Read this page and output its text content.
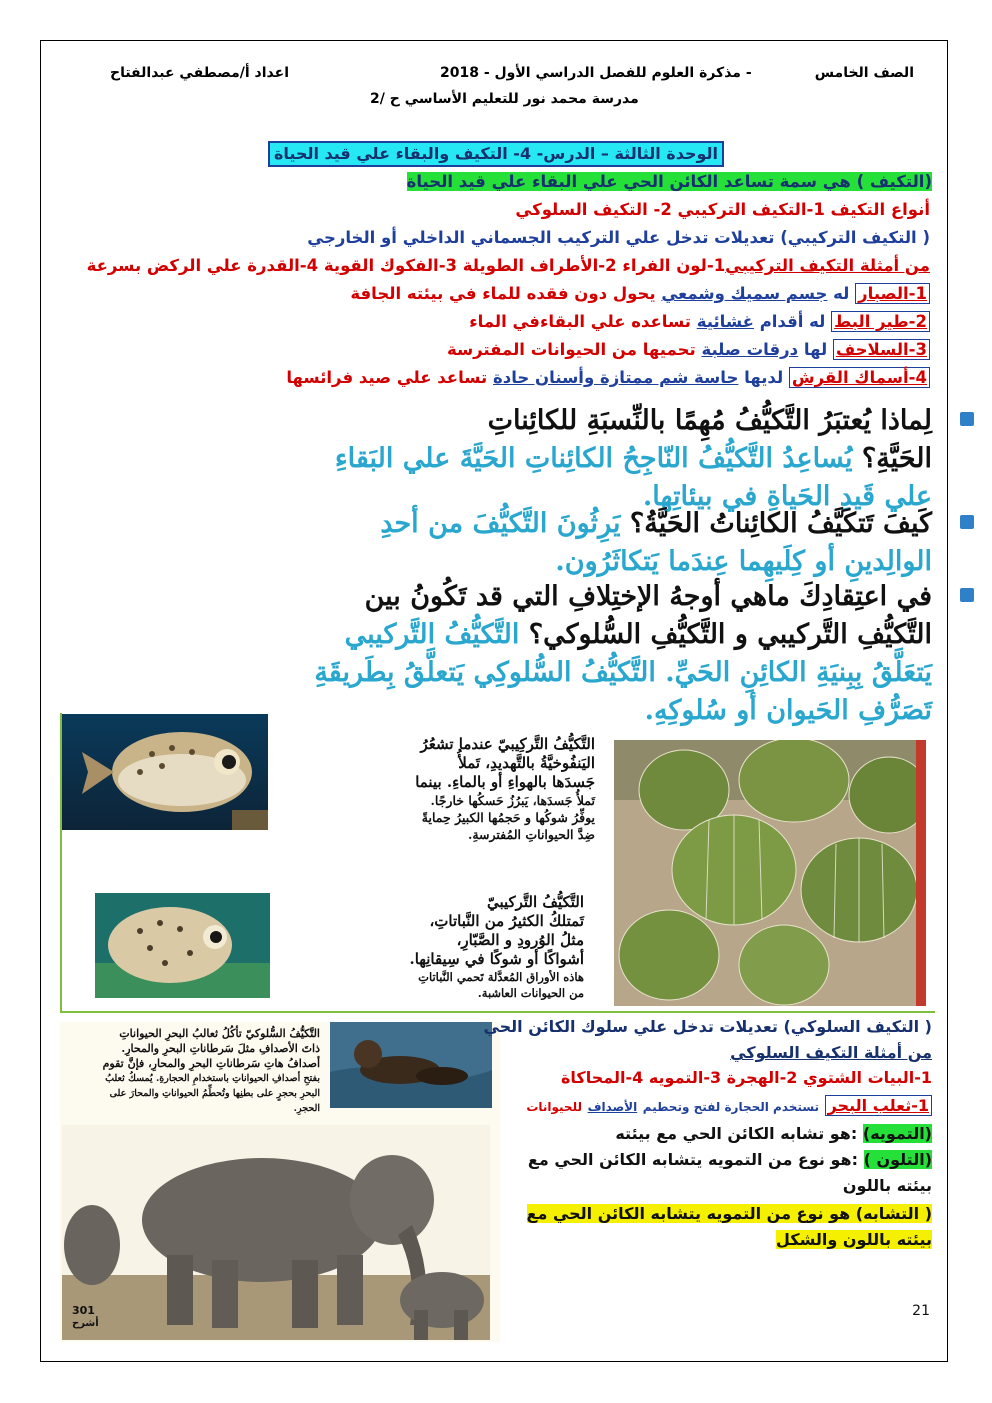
الصف الخامس
- مذكرة العلوم للفصل الدراسي الأول - 2018
اعداد أ/مصطفي عبدالفتاح
مدرسة محمد نور للتعليم الأساسي ح /2
الوحدة الثالثة – الدرس- 4- التكيف والبقاء علي قيد الحياة
(التكيف ) هي سمة تساعد الكائن الحي علي البقاء علي قيد الحياة
أنواع التكيف 1-التكيف التركيبي 2- التكيف السلوكي
( التكيف التركيبي) تعديلات تدخل علي التركيب الجسماني الداخلي أو الخارجي
من أمثلة التكيف التركيبي1-لون الفراء 2-الأطراف الطويلة 3-الفكوك القوية 4-القدرة علي الركض بسرعة
1-الصبار له جسم سميك وشمعي يحول دون فقده للماء في بيئته الجافة
2-طير البط له أقدام غشائية تساعده علي البقاءفي الماء
3-السلاحف لها درقات صلبة تحميها من الحيوانات المفترسة
4-أسماك القرش لديها حاسة شم ممتازة وأسنان حادة تساعد علي صيد فرائسها
لِماذا يُعتبَرُ التَّكيُّفُ مُهِمًا بالنِّسبَةِ للكائِناتِ
الحَيَّةِ؟ يُساعِدُ التَّكيُّفُ النّاجِحُ الكائِناتِ الحَيَّةَ علي البَقاءِ
علي قَيدِ الحَياةِ في بيئاتِها.
كَيفَ تَتكَيَّفُ الكائِناتُ الحَيَّةُ؟ يَرِثُونَ التَّكيُّفَ من أحدِ
الوالِدينِ أو كِلَيهِما عِندَما يَتكاثَرُون.
في اعتِقادِكَ ماهي أوجهُ الإختِلافِ التي قد تَكُونُ بين
التَّكيُّفِ التَّركيبي و التَّكيُّفِ السُّلوكي؟ التَّكيُّفُ التَّركيبي
يَتعَلَّقُ بِبِنيَةِ الكائِنِ الحَيِّ. التَّكيُّفُ السُّلوكِي يَتعلَّقُ بِطَريقَةِ
تَصَرُّفِ الحَيوان أو سُلوكِهِ.
التَّكيُّفُ التَّركِيبيّ عندما تشعُرُ
اليَنفُوخيَّةُ بالتَّهديدِ، تَملأُ
جَسدَها بالهواءِ أو بالماءِ. بينما
تَملأُ جَسدَها، يَبرُزُ حَسكُها خارجًا.
يوفِّرُ شوكُها و حَجمُها الكبيرُ حِمايةً
ضِدَّ الحيواناتِ المُفترسةِ.
التَّكيُّفُ التَّركيبيّ
تَمتلكُ الكثيرُ من النَّباتاتِ،
مثلُ الوُرودِ و الصَّبّارِ،
أشواكًا أو شوكًا في سِيقانِها.
هاذه الأوراق المُعدَّلة تَحمي النَّباتاتِ
من الحيوانات العاشبة.
التَّكيُّفُ السُّلوكيّ تأكُلُ ثعالبُ البحرِ الحيواناتِ
ذاتَ الأصدافِ مثلَ سَرطاناتِ البحرِ والمحارِ.
أصدافُ هاتِ سَرطاناتِ البحرِ والمحارِ، فإنَّ تقوم
بفتحِ أصدافِ الحيواناتِ باستخدامِ الحجارةِ. يُمسكُ ثعلبُ
البحرِ بحجرٍ على بطنِها وتُحطِّمُ الحيواناتِ والمحارَ على
الحجرِ.
301
أشرح
( التكيف السلوكي) تعديلات تدخل علي سلوك الكائن الحي
من أمثلة التكيف السلوكي
1-البيات الشتوي 2-الهجرة 3-التمويه 4-المحاكاة
1-ثعلب البحر تستخدم الحجارة لفتح وتحطيم الأصداف للحيوانات
(التمويه) :هو تشابه الكائن الحي مع بيئته
(التلون ) :هو نوع من التمويه يتشابه الكائن الحي مع
بيئته باللون
( التشابه) هو نوع من التمويه يتشابه الكائن الحي مع
بيئته باللون والشكل
21
